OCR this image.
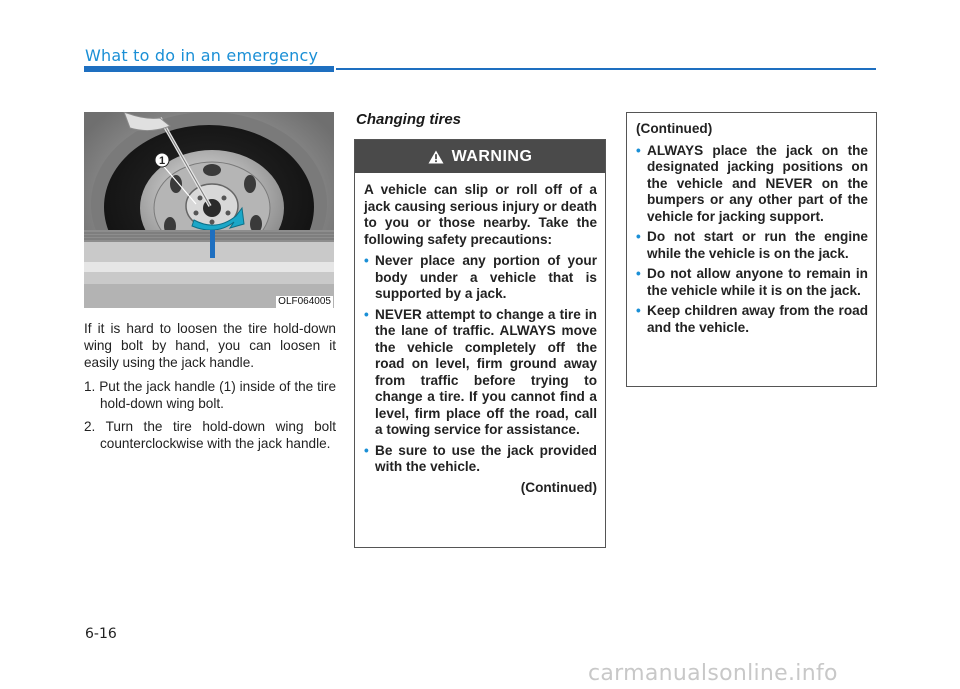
What to do in an emergency
1
OLF064005

If it is hard to loosen the tire hold-down wing bolt by hand, you can loosen it easily using the jack handle.

1. Put the jack handle (1) inside of the tire hold-down wing bolt.
2. Turn the tire hold-down wing bolt counterclockwise with the jack handle.
Changing tires
WARNING

A vehicle can slip or roll off of a jack causing serious injury or death to you or those nearby. Take the following safety precautions:

• Never place any portion of your body under a vehicle that is supported by a jack.
• NEVER attempt to change a tire in the lane of traffic. ALWAYS move the vehicle completely off the road on level, firm ground away from traffic before trying to change a tire. If you cannot find a level, firm place off the road, call a towing service for assistance.
• Be sure to use the jack provided with the vehicle.
(Continued)
(Continued)
• ALWAYS place the jack on the designated jacking positions on the vehicle and NEVER on the bumpers or any other part of the vehicle for jacking support.
• Do not start or run the engine while the vehicle is on the jack.
• Do not allow anyone to remain in the vehicle while it is on the jack.
• Keep children away from the road and the vehicle.
6-16
carmanualsonline.info
